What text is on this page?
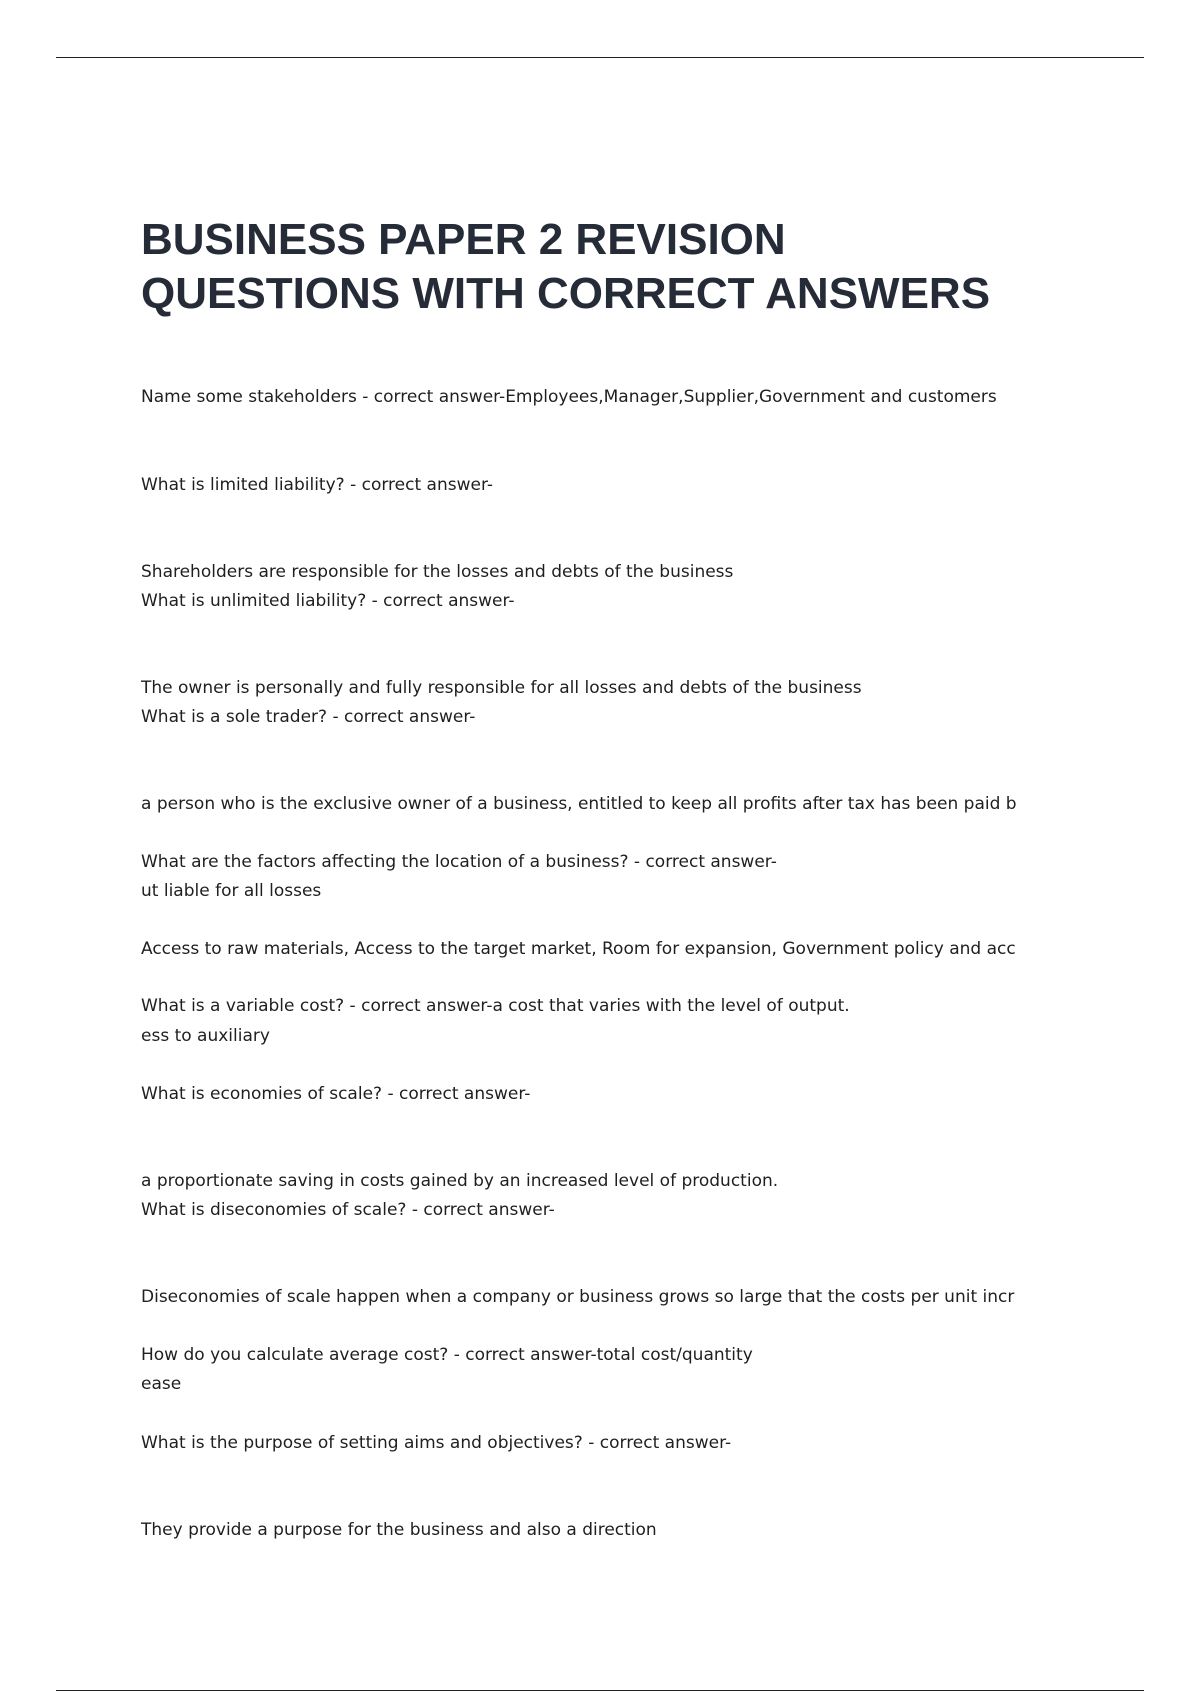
BUSINESS PAPER 2 REVISION
QUESTIONS WITH CORRECT ANSWERS

Name some stakeholders - correct answer-Employees,Manager,Supplier,Government and customers

What is limited liability? - correct answer-

Shareholders are responsible for the losses and debts of the business

What is unlimited liability? - correct answer-

The owner is personally and fully responsible for all losses and debts of the business

What is a sole trader? - correct answer-

a person who is the exclusive owner of a business, entitled to keep all profits after tax has been paid b

ut liable for all losses

What are the factors affecting the location of a business? - correct answer-

Access to raw materials, Access to the target market, Room for expansion, Government policy and acc

ess to auxiliary

What is a variable cost? - correct answer-a cost that varies with the level of output.

What is economies of scale? - correct answer-

a proportionate saving in costs gained by an increased level of production.

What is diseconomies of scale? - correct answer-

Diseconomies of scale happen when a company or business grows so large that the costs per unit incr

ease

How do you calculate average cost? - correct answer-total cost/quantity

What is the purpose of setting aims and objectives? - correct answer-

They provide a purpose for the business and also a direction
